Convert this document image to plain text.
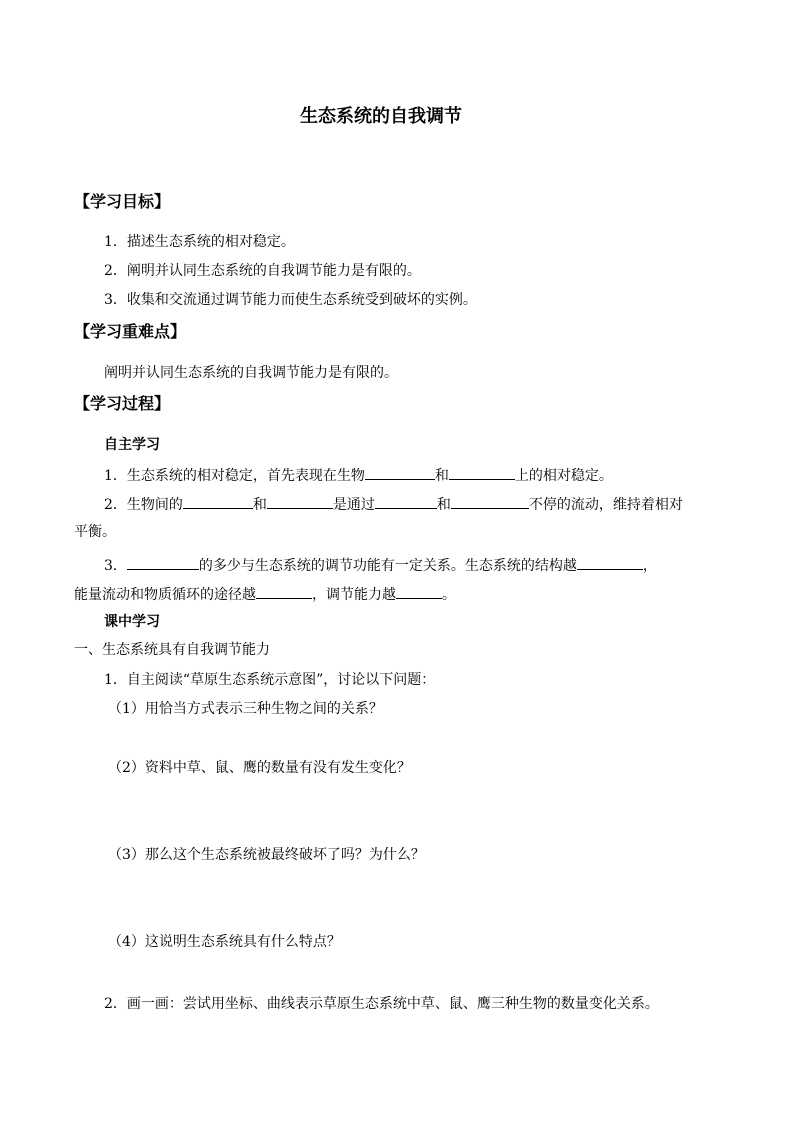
生态系统的自我调节
【学习目标】
1．描述生态系统的相对稳定。
2．阐明并认同生态系统的自我调节能力是有限的。
3．收集和交流通过调节能力而使生态系统受到破坏的实例。
【学习重难点】
阐明并认同生态系统的自我调节能力是有限的。
【学习过程】
自主学习
1．生态系统的相对稳定，首先表现在生物	和	上的相对稳定。
2．生物间的	和	是通过	和	不停的流动，维持着相对
平衡。
3．	的多少与生态系统的调节功能有一定关系。生态系统的结构越	，
能量流动和物质循环的途径越	，调节能力越	。
课中学习
一、生态系统具有自我调节能力
1．自主阅读“草原生态系统示意图”，讨论以下问题：
（1）用恰当方式表示三种生物之间的关系？
（2）资料中草、鼠、鹰的数量有没有发生变化？
（3）那么这个生态系统被最终破坏了吗？为什么？
（4）这说明生态系统具有什么特点？
2．画一画：尝试用坐标、曲线表示草原生态系统中草、鼠、鹰三种生物的数量变化关系。
